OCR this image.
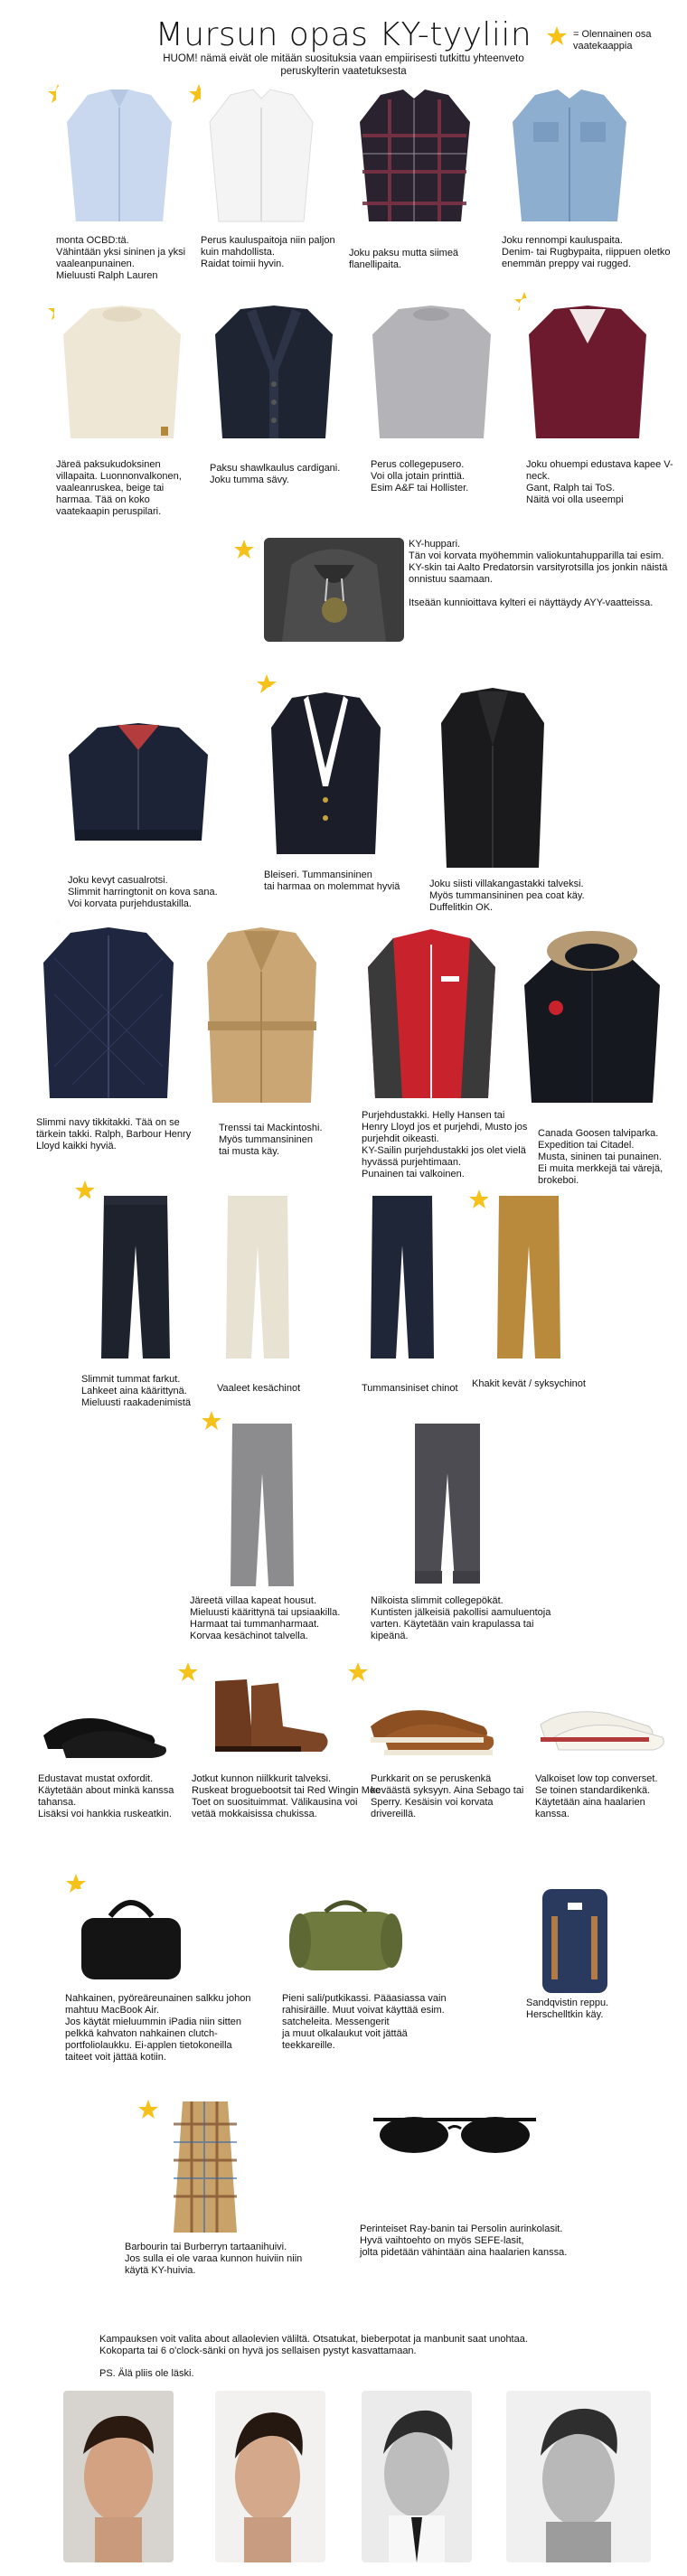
Mursun opas KY-tyyliin
HUOM! nämä eivät ole mitään suosituksia vaan empiirisesti tutkittu yhteenveto peruskylterin vaatetuksesta
= Olennainen osa vaatekaappia
monta OCBD:tä.
Vähintään yksi sininen ja yksi vaaleanpunainen.
Mieluusti Ralph Lauren
Perus kauluspaitoja niin paljon kuin mahdollista.
Raidat toimii hyvin.
Joku paksu mutta siimeä flanellipaita.
Joku rennompi kauluspaita.
Denim- tai Rugbypaita, riippuen oletko enemmän preppy vai rugged.
Järeä paksukudoksinen villapaita. Luonnonvalkonen, vaaleanruskea, beige tai harmaa. Tää on koko vaatekaapin peruspilari.
Paksu shawlkaulus cardigani.
Joku tumma sävy.
Perus collegepusero.
Voi olla jotain printtiä.
Esim A&F tai Hollister.
Joku ohuempi edustava kapee V-neck.
Gant, Ralph tai ToS.
Näitä voi olla useempi
KY-huppari.
Tän voi korvata myöhemmin valiokuntahupparilla tai esim. KY-skin tai Aalto Predatorsin varsityrotsilla jos jonkin näistä onnistuu saamaan.

Itseään kunnioittava kylteri ei näyttäydy AYY-vaatteissa.
Joku kevyt casualrotsi.
Slimmit harringtonit on kova sana.
Voi korvata purjehdustakilla.
Bleiseri. Tummansininen
tai harmaa on molemmat hyviä	Joku siisti villakangastakki talveksi.
Myös tummansininen pea coat käy.
Duffelitkin OK.
Slimmi navy tikkitakki. Tää on se tärkein takki. Ralph, Barbour Henry Lloyd kaikki hyviä.
Trenssi tai Mackintoshi.
Myös tummansininen
tai musta käy.
Purjehdustakki. Helly Hansen tai Henry Lloyd jos et purjehdi, Musto jos purjehdit oikeasti.
KY-Sailin purjehdustakki jos olet vielä hyvässä purjehtimaan.
Punainen tai valkoinen.
Canada Goosen talviparka.
Expedition tai Citadel.
Musta, sininen tai punainen.
Ei muita merkkejä tai värejä,
brokeboi.
Slimmit tummat farkut.
Lahkeet aina käärittynä.
Mieluusti raakadenimistä
Vaaleet kesächinot	Tummansiniset chinot	Khakit kevät / syksychinot
Järeetä villaa kapeat housut.
Mieluusti käärittynä tai upsiaakilla.
Harmaat tai tummanharmaat.
Korvaa kesächinot talvella.
Nilkoista slimmit collegepökät.
Kuntisten jälkeisiä pakollisi aamuluentoja varten. Käytetään vain krapulassa tai kipeänä.
Edustavat mustat oxfordit.
Käytetään about minkä kanssa tahansa.
Lisäksi voi hankkia ruskeatkin.
Jotkut kunnon niilkkurit talveksi.
Ruskeat broguebootsit tai Red Wingin Moc Toet on suosituimmat. Välikausina voi vetää mokkaisissa chukissa.
Purkkarit on se peruskenkä keväästä syksyyn. Aina Sebago tai Sperry. Kesäisin voi korvata drivereillä.
Valkoiset low top converset.
Se toinen standardikenkä.
Käytetään aina haalarien kanssa.
Nahkainen, pyöreäreunainen salkku johon mahtuu MacBook Air.
Jos käytät mieluummin iPadia niin sitten pelkkä kahvaton nahkainen clutch-portfoliolaukku. Ei-applen tietokoneilla taiteet voit jättää kotiin.
Pieni sali/putkikassi. Pääasiassa vain rahisiräille. Muut voivat käyttää esim. satcheleita. Messengerit
ja muut olkalaukut voit jättää teekkareille.
Sandqvistin reppu.
Herschelltkin käy.
Barbourin tai Burberryn tartaanihuivi.
Jos sulla ei ole varaa kunnon huiviin niin käytä KY-huivia.
Perinteiset Ray-banin tai Persolin aurinkolasit.
Hyvä vaihtoehto on myös SEFE-lasit,
jolta pidetään vähintään aina haalarien kanssa.
Kampauksen voit valita about allaolevien väliltä. Otsatukat, bieberpotat ja manbunit saat unohtaa.
Kokoparta tai 6 o'clock-sänki on hyvä jos sellaisen pystyt kasvattamaan.
PS. Älä pliis ole läski.
